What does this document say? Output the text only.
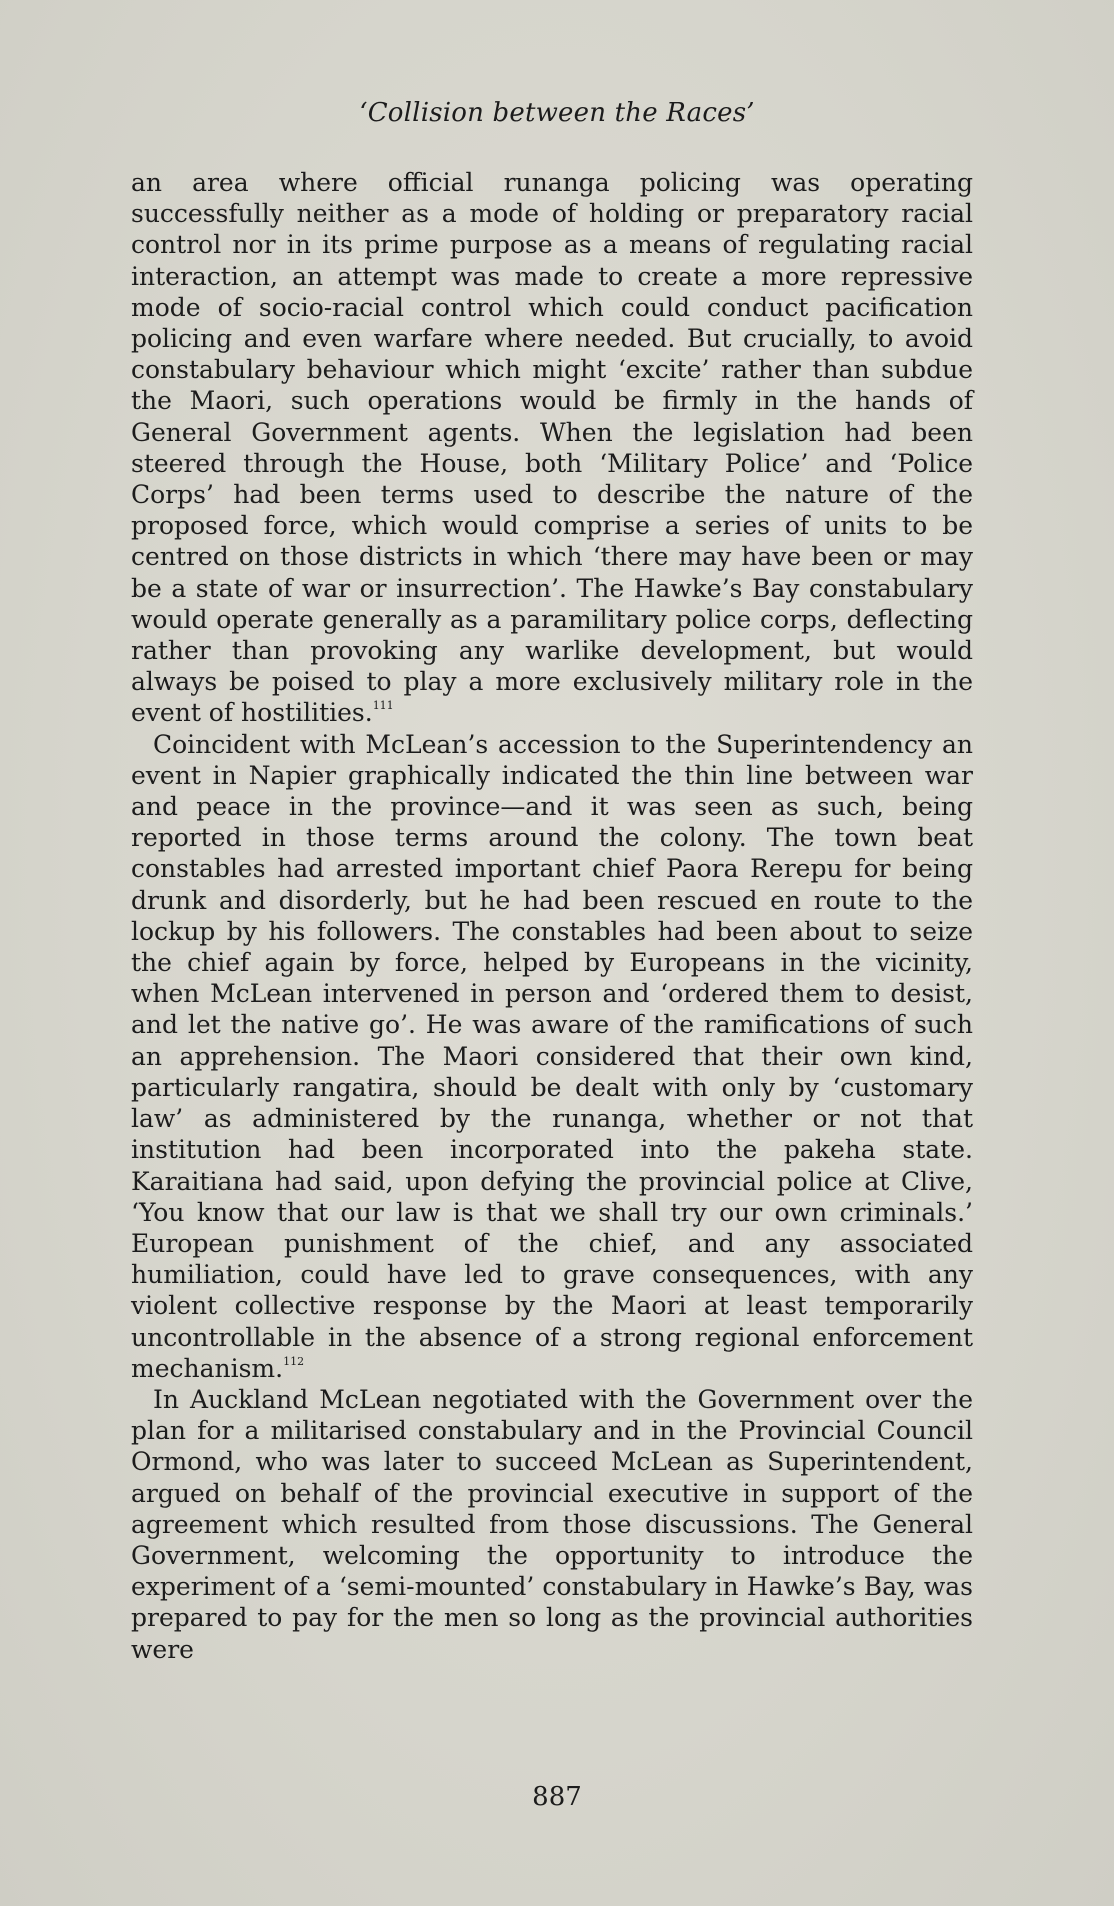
‘Collision between the Races’

an area where official runanga policing was operating successfully neither as a mode of holding or preparatory racial control nor in its prime purpose as a means of regulating racial interaction, an attempt was made to create a more repressive mode of socio-racial control which could conduct pacification policing and even warfare where needed. But crucially, to avoid constabulary behaviour which might ‘excite’ rather than subdue the Maori, such operations would be firmly in the hands of General Government agents. When the legislation had been steered through the House, both ‘Military Police’ and ‘Police Corps’ had been terms used to describe the nature of the proposed force, which would comprise a series of units to be centred on those districts in which ‘there may have been or may be a state of war or insurrection’. The Hawke’s Bay constabulary would operate generally as a paramilitary police corps, deflecting rather than provoking any warlike development, but would always be poised to play a more exclusively military role in the event of hostilities.$^{111}$

Coincident with McLean’s accession to the Superintendency an event in Napier graphically indicated the thin line between war and peace in the province—and it was seen as such, being reported in those terms around the colony. The town beat constables had arrested important chief Paora Rerepu for being drunk and disorderly, but he had been rescued en route to the lockup by his followers. The constables had been about to seize the chief again by force, helped by Europeans in the vicinity, when McLean intervened in person and ‘ordered them to desist, and let the native go’. He was aware of the ramifications of such an apprehension. The Maori considered that their own kind, particularly rangatira, should be dealt with only by ‘customary law’ as administered by the runanga, whether or not that institution had been incorporated into the pakeha state. Karaitiana had said, upon defying the provincial police at Clive, ‘You know that our law is that we shall try our own criminals.’ European punishment of the chief, and any associated humiliation, could have led to grave consequences, with any violent collective response by the Maori at least temporarily uncontrollable in the absence of a strong regional enforcement mechanism.$^{112}$

In Auckland McLean negotiated with the Government over the plan for a militarised constabulary and in the Provincial Council Ormond, who was later to succeed McLean as Superintendent, argued on behalf of the provincial executive in support of the agreement which resulted from those discussions. The General Government, welcoming the opportunity to introduce the experiment of a ‘semi-mounted’ constabulary in Hawke’s Bay, was prepared to pay for the men so long as the provincial authorities were

887
